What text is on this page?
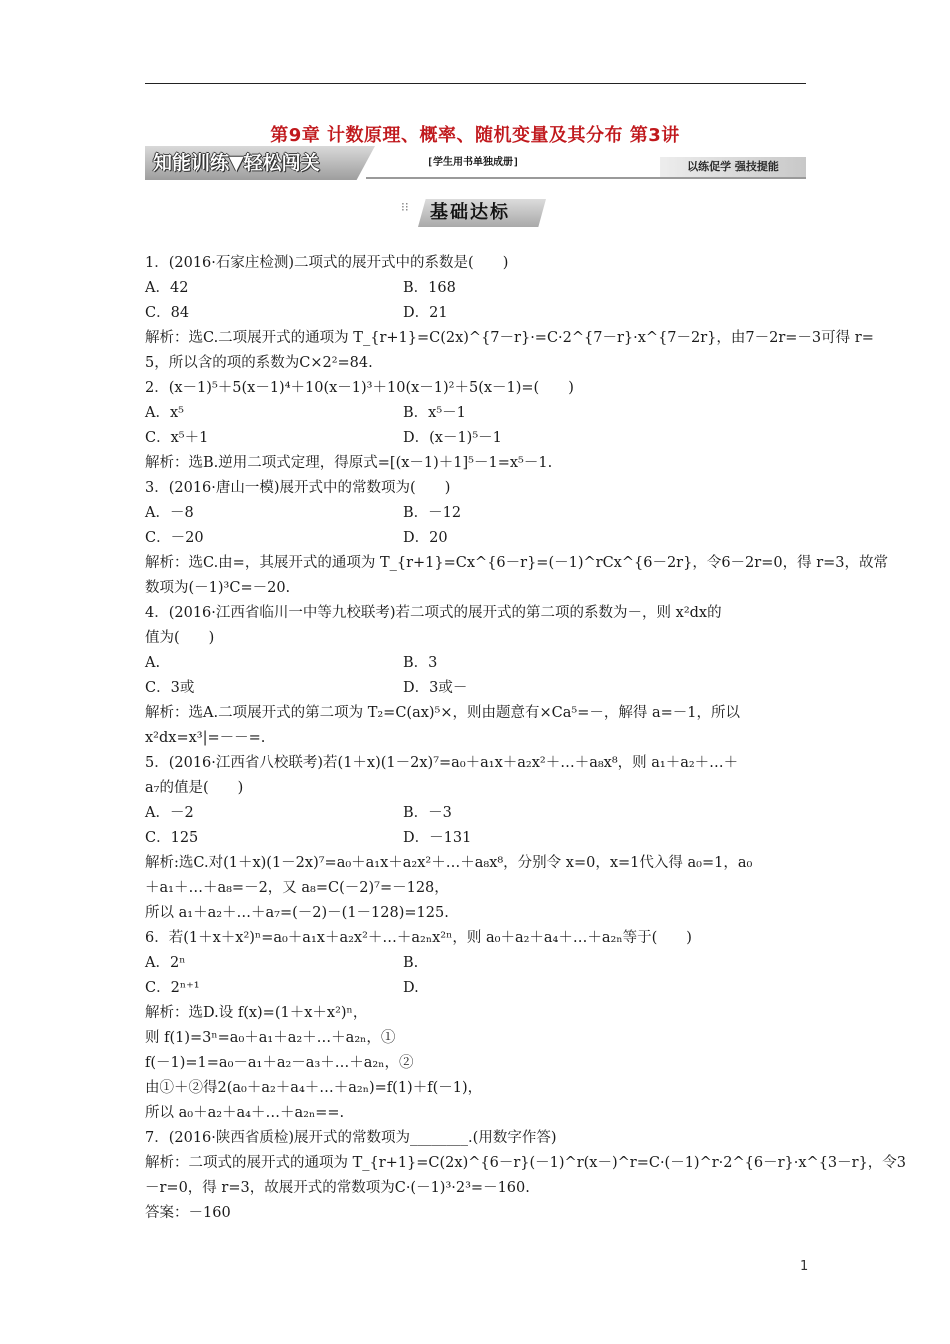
第9章 计数原理、概率、随机变量及其分布 第3讲
知能训练▼轻松闯关	[学生用书单独成册]	以练促学 强技提能
⁝⁝ 基础达标
1．(2016·石家庄检测)二项式的展开式中的系数是(　　)
A．42	B．168
C．84	D．21
解析：选C.二项展开式的通项为 T_{r+1}=C(2x)^{7－r}·=C·2^{7－r}·x^{7－2r}，由7－2r=－3可得 r=
5，所以含的项的系数为C×2²=84.
2．(x－1)⁵＋5(x－1)⁴＋10(x－1)³＋10(x－1)²＋5(x－1)=(　　)
A．x⁵	B．x⁵－1
C．x⁵＋1	D．(x－1)⁵－1
解析：选B.逆用二项式定理，得原式=[(x－1)＋1]⁵－1=x⁵－1.
3．(2016·唐山一模)展开式中的常数项为(　　)
A．－8	B．－12
C．－20	D．20
解析：选C.由=，其展开式的通项为 T_{r+1}=Cx^{6－r}=(－1)^rCx^{6－2r}，令6－2r=0，得 r=3，故常
数项为(－1)³C=－20.
4．(2016·江西省临川一中等九校联考)若二项式的展开式的第二项的系数为－，则 x²dx的
值为(　　)
A.	B．3
C．3或	D．3或－
解析：选A.二项展开式的第二项为 T₂=C(ax)⁵×，则由题意有×Ca⁵=－，解得 a=－1，所以
x²dx=x³|=－－=.
5．(2016·江西省八校联考)若(1＋x)(1－2x)⁷=a₀＋a₁x＋a₂x²＋…＋a₈x⁸，则 a₁＋a₂＋…＋
a₇的值是(　　)
A．－2	B．－3
C．125	D．－131
解析:选C.对(1＋x)(1－2x)⁷=a₀＋a₁x＋a₂x²＋…＋a₈x⁸，分别令 x=0，x=1代入得 a₀=1，a₀
＋a₁＋…＋a₈=－2，又 a₈=C(－2)⁷=－128，
所以 a₁＋a₂＋…＋a₇=(－2)－(1－128)=125.
6．若(1＋x＋x²)ⁿ=a₀＋a₁x＋a₂x²＋…＋a₂ₙx²ⁿ，则 a₀＋a₂＋a₄＋…＋a₂ₙ等于(　　)
A．2ⁿ	B.
C．2ⁿ⁺¹	D.
解析：选D.设 f(x)=(1＋x＋x²)ⁿ，
则 f(1)=3ⁿ=a₀＋a₁＋a₂＋…＋a₂ₙ，①
f(－1)=1=a₀－a₁＋a₂－a₃＋…＋a₂ₙ，②
由①＋②得2(a₀＋a₂＋a₄＋…＋a₂ₙ)=f(1)＋f(－1)，
所以 a₀＋a₂＋a₄＋…＋a₂ₙ==.
7．(2016·陕西省质检)展开式的常数项为________.(用数字作答)
解析：二项式的展开式的通项为 T_{r+1}=C(2x)^{6－r}(－1)^r(x－)^r=C·(－1)^r·2^{6－r}·x^{3－r}，令3
－r=0，得 r=3，故展开式的常数项为C·(－1)³·2³=－160.
答案：－160
1
